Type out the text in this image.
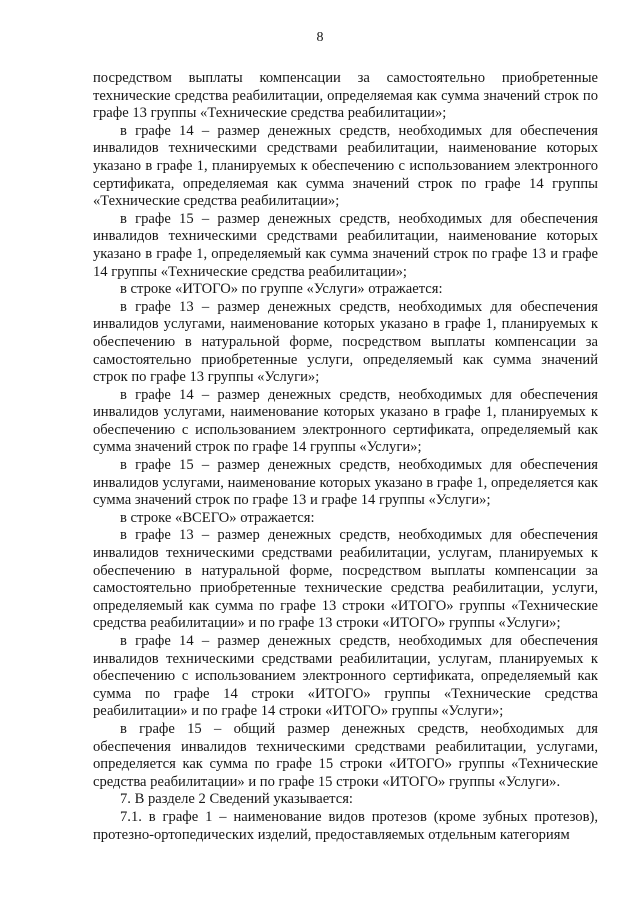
8

посредством выплаты компенсации за самостоятельно приобретенные технические средства реабилитации, определяемая как сумма значений строк по графе 13 группы «Технические средства реабилитации»;

в графе 14 – размер денежных средств, необходимых для обеспечения инвалидов техническими средствами реабилитации, наименование которых указано в графе 1, планируемых к обеспечению с использованием электронного сертификата, определяемая как сумма значений строк по графе 14 группы «Технические средства реабилитации»;

в графе 15 – размер денежных средств, необходимых для обеспечения инвалидов техническими средствами реабилитации, наименование которых указано в графе 1, определяемый как сумма значений строк по графе 13 и графе 14 группы «Технические средства реабилитации»;

в строке «ИТОГО» по группе «Услуги» отражается:

в графе 13 – размер денежных средств, необходимых для обеспечения инвалидов услугами, наименование которых указано в графе 1, планируемых к обеспечению в натуральной форме, посредством выплаты компенсации за самостоятельно приобретенные услуги, определяемый как сумма значений строк по графе 13 группы «Услуги»;

в графе 14 – размер денежных средств, необходимых для обеспечения инвалидов услугами, наименование которых указано в графе 1, планируемых к обеспечению с использованием электронного сертификата, определяемый как сумма значений строк по графе 14 группы «Услуги»;

в графе 15 – размер денежных средств, необходимых для обеспечения инвалидов услугами, наименование которых указано в графе 1, определяется как сумма значений строк по графе 13 и графе 14 группы «Услуги»;

в строке «ВСЕГО» отражается:

в графе 13 – размер денежных средств, необходимых для обеспечения инвалидов техническими средствами реабилитации, услугам, планируемых к обеспечению в натуральной форме, посредством выплаты компенсации за самостоятельно приобретенные технические средства реабилитации, услуги, определяемый как сумма по графе 13 строки «ИТОГО» группы «Технические средства реабилитации» и по графе 13 строки «ИТОГО» группы «Услуги»;

в графе 14 – размер денежных средств, необходимых для обеспечения инвалидов техническими средствами реабилитации, услугам, планируемых к обеспечению с использованием электронного сертификата, определяемый как сумма по графе 14 строки «ИТОГО» группы «Технические средства реабилитации» и по графе 14 строки «ИТОГО» группы «Услуги»;

в графе 15 – общий размер денежных средств, необходимых для обеспечения инвалидов техническими средствами реабилитации, услугами, определяется как сумма по графе 15 строки «ИТОГО» группы «Технические средства реабилитации» и по графе 15 строки «ИТОГО» группы «Услуги».

7. В разделе 2 Сведений указывается:

7.1. в графе 1 – наименование видов протезов (кроме зубных протезов), протезно-ортопедических изделий, предоставляемых отдельным категориям
